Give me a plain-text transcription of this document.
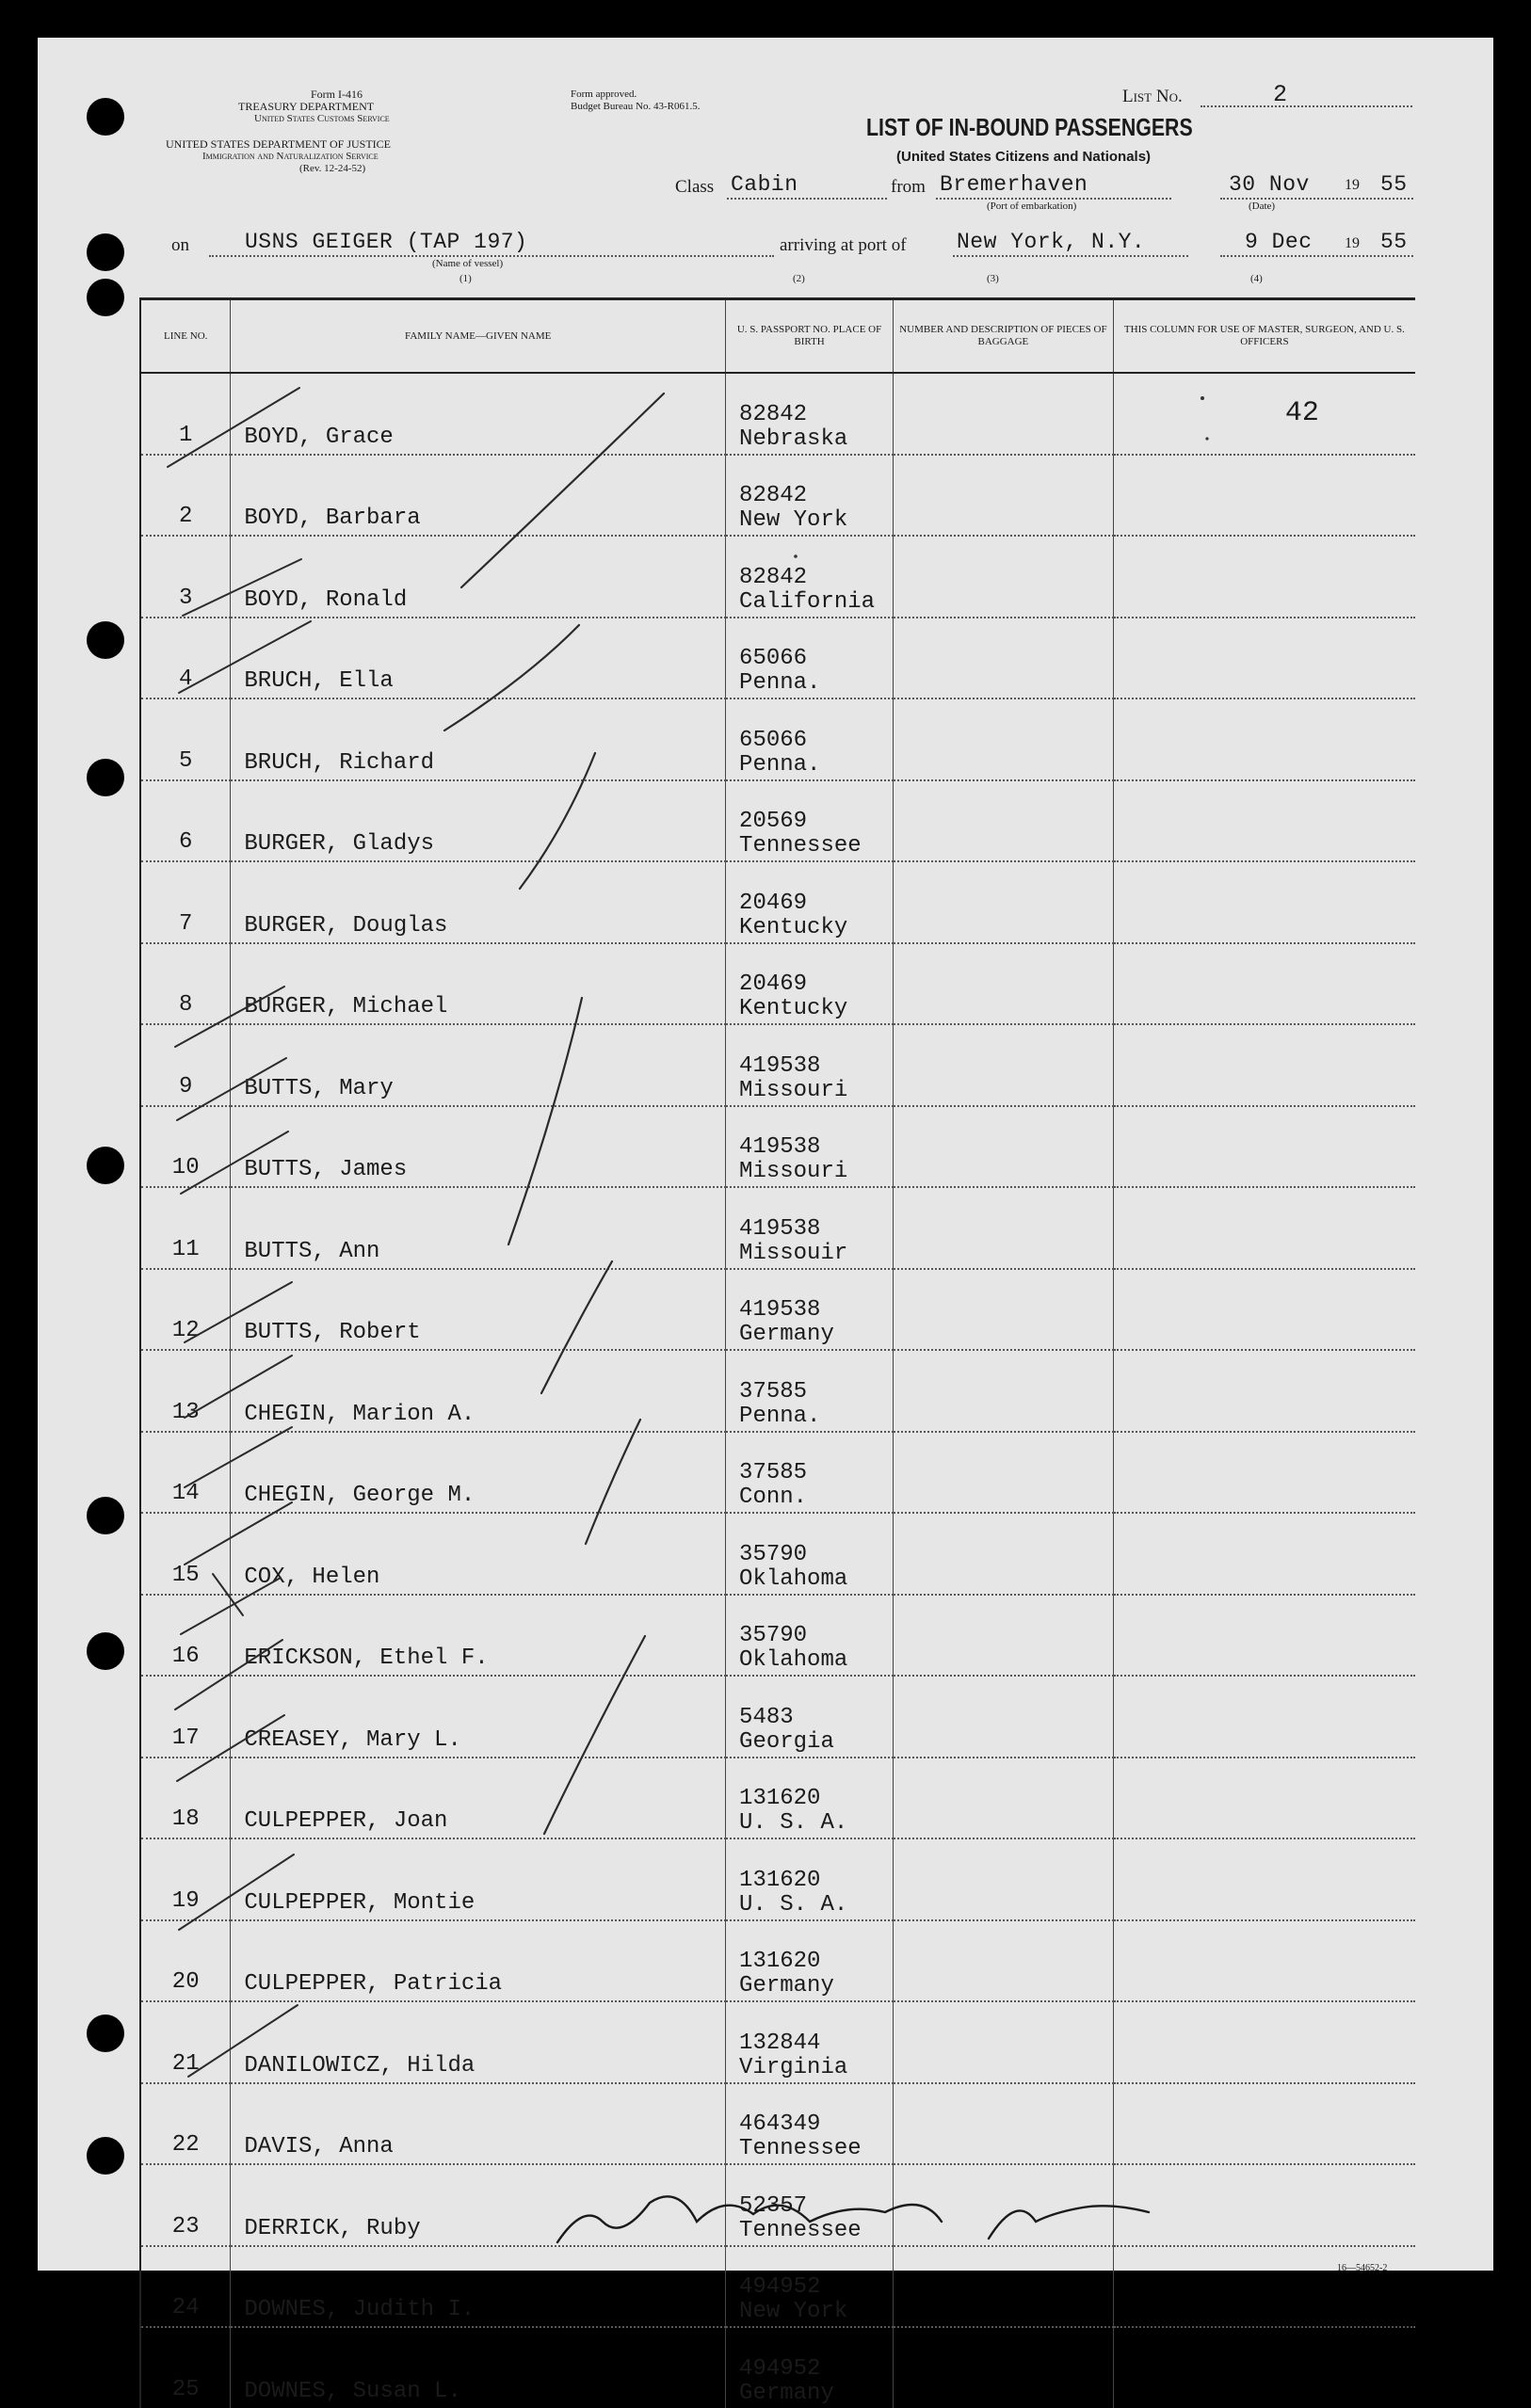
Form I-416
TREASURY DEPARTMENT
United States Customs Service
UNITED STATES DEPARTMENT OF JUSTICE
Immigration and Naturalization Service
(Rev. 12-24-52)
Form approved.
Budget Bureau No. 43-R061.5.	List No.	2
LIST OF IN-BOUND PASSENGERS
(United States Citizens and Nationals)
Class Cabin	from Bremerhaven
(Port of embarkation)
30 Nov 19 55
(Date)
on	USNS GEIGER (TAP 197)
(Name of vessel)
arriving at port of New York, N.Y.	9 Dec 19 55
(1)	(2)	(3)	(4)
LINE NO.	FAMILY NAME—GIVEN NAME	U. S. PASSPORT NO. PLACE OF BIRTH	NUMBER AND DESCRIPTION OF PIECES OF BAGGAGE	THIS COLUMN FOR USE OF MASTER, SURGEON, AND U. S. OFFICERS
1	BOYD, Grace	82842
Nebraska		42
2	BOYD, Barbara	82842
New York		

3	BOYD, Ronald	82842
California		

4	BRUCH, Ella	65066
Penna.		

5	BRUCH, Richard	65066
Penna.		

6	BURGER, Gladys	20569
Tennessee		

7	BURGER, Douglas	20469
Kentucky		

8	BURGER, Michael	20469
Kentucky		

9	BUTTS, Mary	419538
Missouri		

10	BUTTS, James	419538
Missouri		

11	BUTTS, Ann	419538
Missouir		

12	BUTTS, Robert	419538
Germany		

13	CHEGIN, Marion A.	37585
Penna.		

14	CHEGIN, George M.	37585
Conn.		

15	COX, Helen	35790
Oklahoma		

16	ERICKSON, Ethel F.	35790
Oklahoma		

17	CREASEY, Mary L.	5483
Georgia		

18	CULPEPPER, Joan	131620
U. S. A.		

19	CULPEPPER, Montie	131620
U. S. A.		

20	CULPEPPER, Patricia	131620
Germany		

21	DANILOWICZ, Hilda	132844
Virginia		

22	DAVIS, Anna	464349
Tennessee		

23	DERRICK, Ruby	52357
Tennessee		

24	DOWNES, Judith I.	494952
New York		

25	DOWNES, Susan L.	494952
Germany		

16—54652-2
